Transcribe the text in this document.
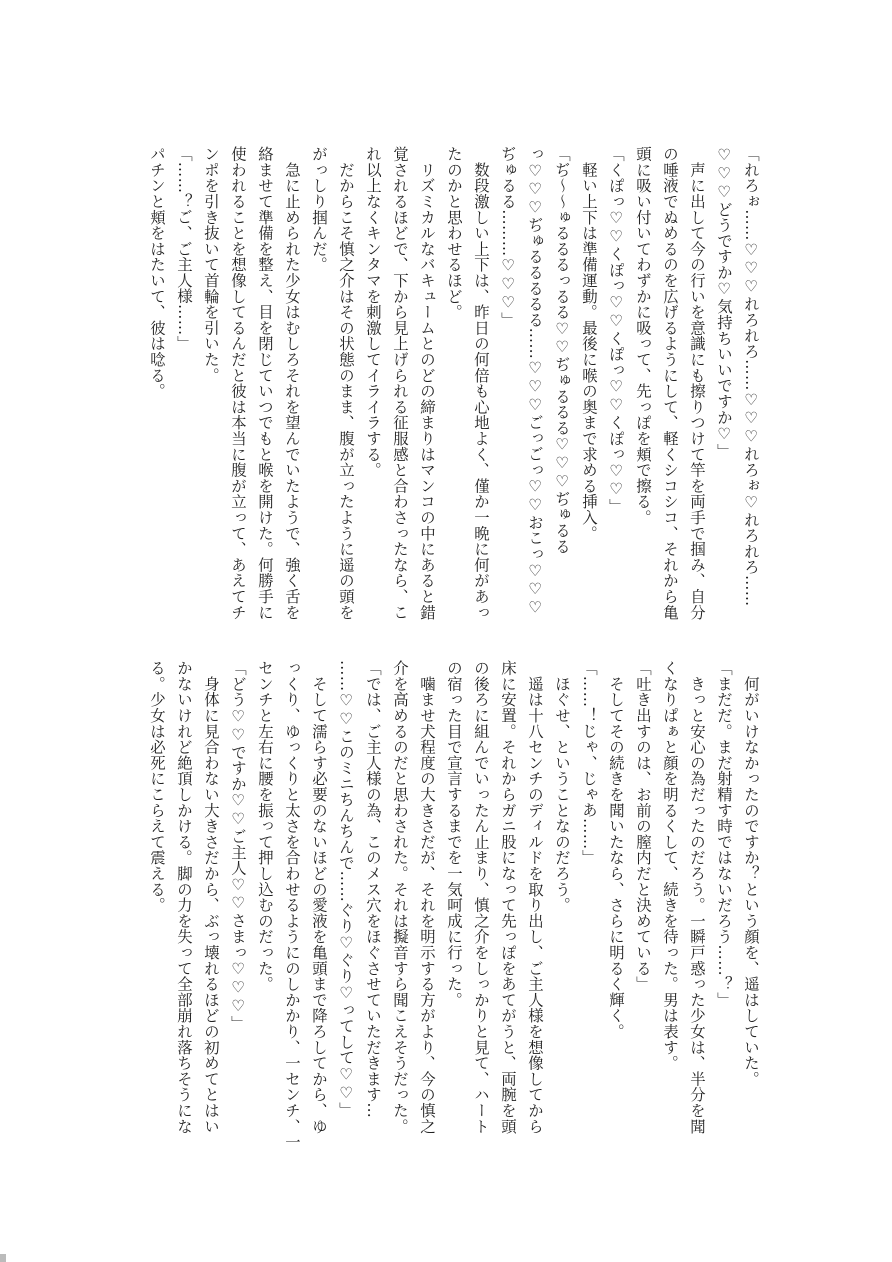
「れろぉ……♡♡♡れろれろ……♡♡♡れろぉ♡れろれろ……
♡♡♡どうですか♡気持ちいいですか♡」
　声に出して今の行いを意識にも擦りつけて竿を両手で掴み、自分
の唾液でぬめるのを広げるようにして、軽くシコシコ、それから亀
頭に吸い付いてわずかに吸って、先っぽを頬で擦る。
「くぽっ♡♡くぽっ♡♡くぽっ♡♡くぽっ♡♡」
　軽い上下は準備運動。最後に喉の奥まで求める挿入。
「ぢ〜〜ゅるるるっるる♡♡ぢゅるるる♡♡♡ぢゅるる
っ♡♡♡ぢゅるるるるる……♡♡♡ごっごっ♡♡おこっ♡♡♡
ぢゅるる………♡♡♡」
　数段激しい上下は、昨日の何倍も心地よく、僅か一晩に何があっ
たのかと思わせるほど。
　リズミカルなバキュームとのどの締まりはマンコの中にあると錯
覚されるほどで、下から見上げられる征服感と合わさったなら、こ
れ以上なくキンタマを刺激してイライラする。
　だからこそ慎之介はその状態のまま、腹が立ったように遥の頭を
がっしり掴んだ。
　急に止められた少女はむしろそれを望んでいたようで、強く舌を
絡ませて準備を整え、目を閉じていつでもと喉を開けた。何勝手に
使われることを想像してるんだと彼は本当に腹が立って、あえてチ
ンポを引き抜いて首輪を引いた。
「……？ご、ご主人様……」
パチンと頬をはたいて、彼は唸る。
　何がいけなかったのですか？という顔を、遥はしていた。
「まだだ。まだ射精す時ではないだろう……？」
　きっと安心の為だったのだろう。一瞬戸惑った少女は、半分を聞
くなりぱぁと顔を明るくして、続きを待った。男は表す。
「吐き出すのは、お前の膣内だと決めている」
　そしてその続きを聞いたなら、さらに明るく輝く。
「……！じゃ、じゃあ……」
　ほぐせ、ということなのだろう。
　遥は十八センチのディルドを取り出し、ご主人様を想像してから
床に安置。それからガニ股になって先っぽをあてがうと、両腕を頭
の後ろに組んでいったん止まり、慎之介をしっかりと見て、ハート
の宿った目で宣言するまでを一気呵成に行った。
　噛ませ犬程度の大きさだが、それを明示する方がより、今の慎之
介を高めるのだと思わされた。それは擬音すら聞こえそうだった。
「では、ご主人様の為、このメス穴をほぐさせていただきます…
……♡♡このミニちんちんで……ぐり♡ぐり♡ってして♡♡」
　そして濡らす必要のないほどの愛液を亀頭まで降ろしてから、ゆ
っくり、ゆっくりと太さを合わせるようにのしかかり、一センチ、一
センチと左右に腰を振って押し込むのだった。
「どう♡♡ですか♡♡ご主人♡♡さまっ♡♡♡」
　身体に見合わない大きさだから、ぶっ壊れるほどの初めてとはい
かないけれど絶頂しかける。脚の力を失って全部崩れ落ちそうにな
る。少女は必死にこらえて震える。
